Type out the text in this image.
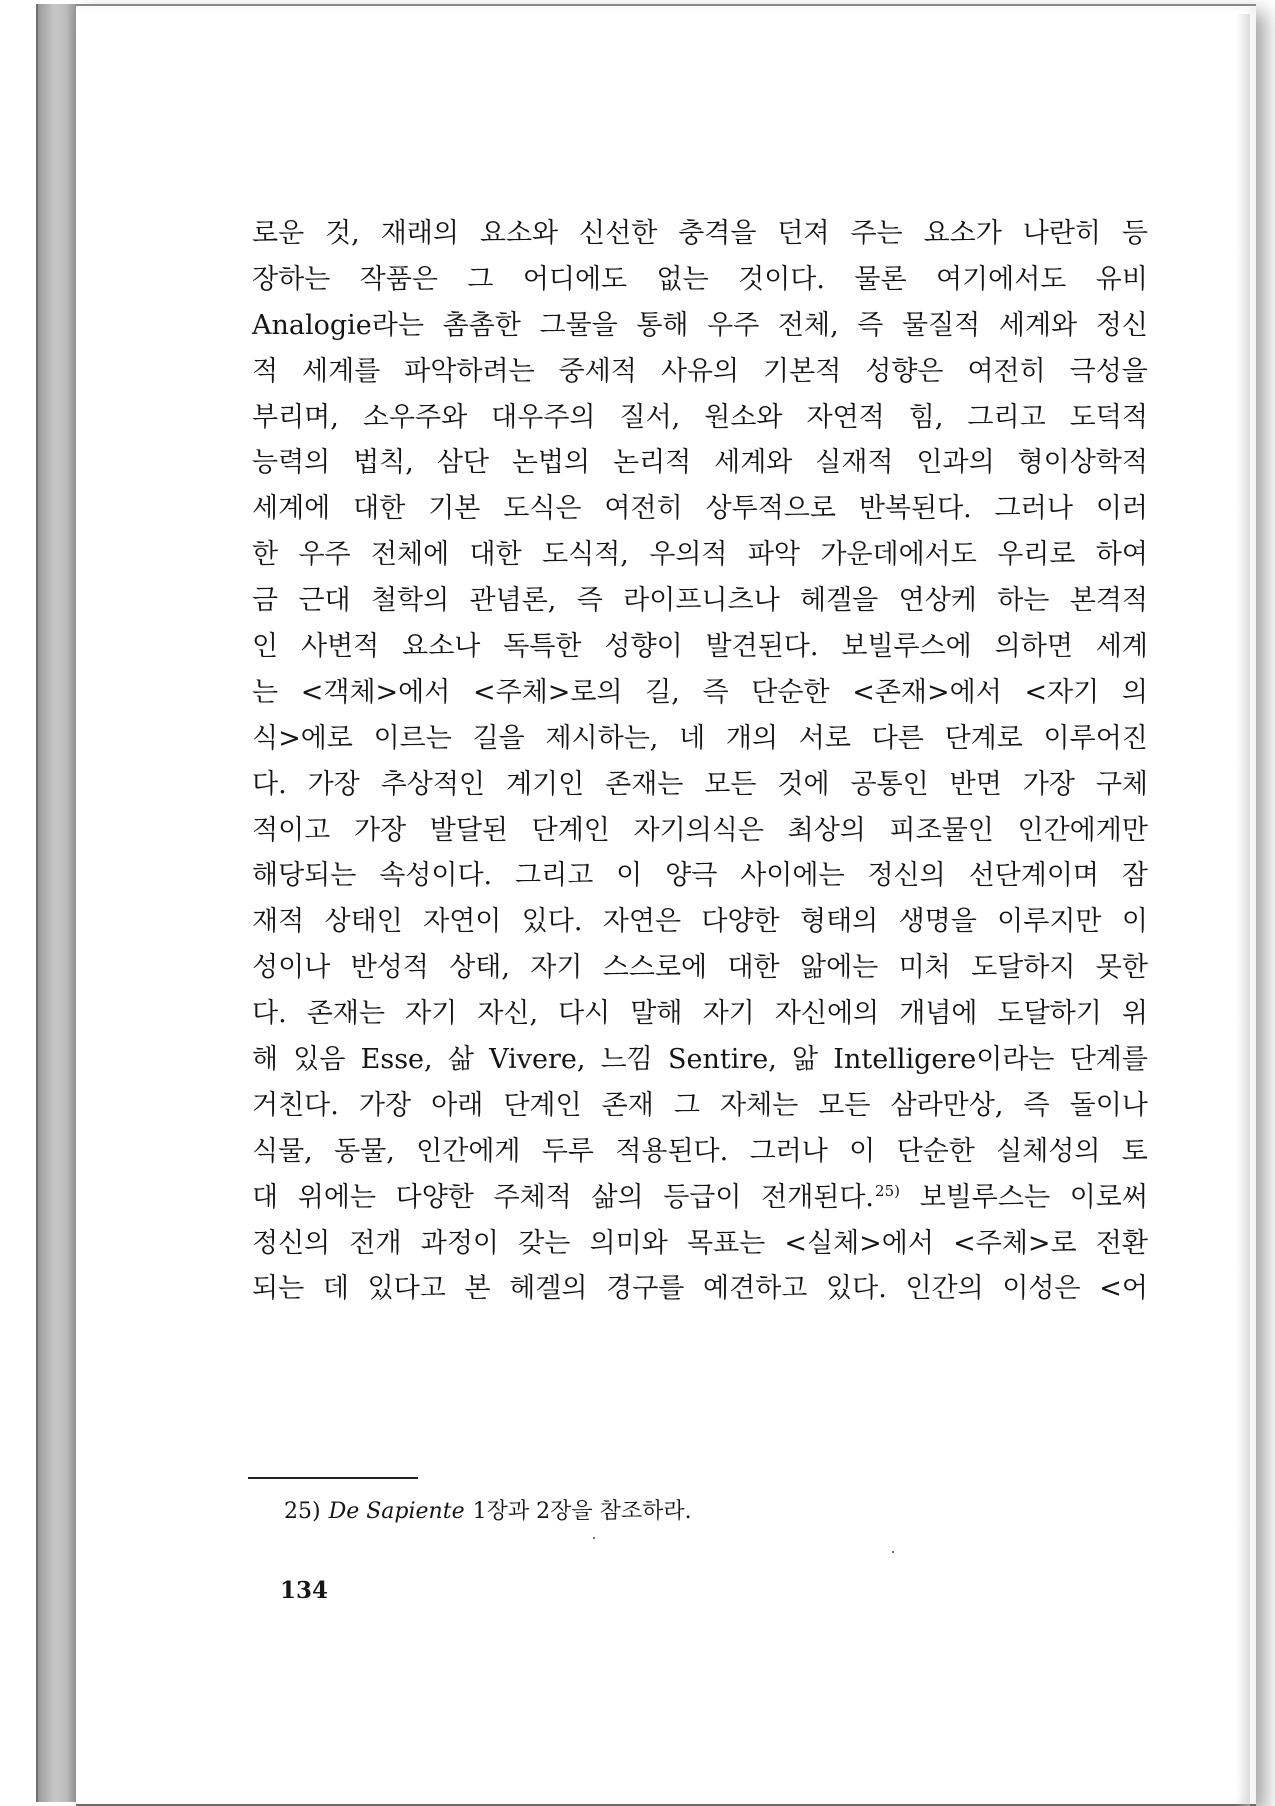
로운 것, 재래의 요소와 신선한 충격을 던져 주는 요소가 나란히 등
장하는 작품은 그 어디에도 없는 것이다. 물론 여기에서도 유비
Analogie라는 촘촘한 그물을 통해 우주 전체, 즉 물질적 세계와 정신
적 세계를 파악하려는 중세적 사유의 기본적 성향은 여전히 극성을
부리며, 소우주와 대우주의 질서, 원소와 자연적 힘, 그리고 도덕적
능력의 법칙, 삼단 논법의 논리적 세계와 실재적 인과의 형이상학적
세계에 대한 기본 도식은 여전히 상투적으로 반복된다. 그러나 이러
한 우주 전체에 대한 도식적, 우의적 파악 가운데에서도 우리로 하여
금 근대 철학의 관념론, 즉 라이프니츠나 헤겔을 연상케 하는 본격적
인 사변적 요소나 독특한 성향이 발견된다. 보빌루스에 의하면 세계
는 <객체>에서 <주체>로의 길, 즉 단순한 <존재>에서 <자기 의
식>에로 이르는 길을 제시하는, 네 개의 서로 다른 단계로 이루어진
다. 가장 추상적인 계기인 존재는 모든 것에 공통인 반면 가장 구체
적이고 가장 발달된 단계인 자기의식은 최상의 피조물인 인간에게만
해당되는 속성이다. 그리고 이 양극 사이에는 정신의 선단계이며 잠
재적 상태인 자연이 있다. 자연은 다양한 형태의 생명을 이루지만 이
성이나 반성적 상태, 자기 스스로에 대한 앎에는 미처 도달하지 못한
다. 존재는 자기 자신, 다시 말해 자기 자신에의 개념에 도달하기 위
해 있음 Esse, 삶 Vivere, 느낌 Sentire, 앎 Intelligere이라는 단계를
거친다. 가장 아래 단계인 존재 그 자체는 모든 삼라만상, 즉 돌이나
식물, 동물, 인간에게 두루 적용된다. 그러나 이 단순한 실체성의 토
대 위에는 다양한 주체적 삶의 등급이 전개된다.$^{25)}$ 보빌루스는 이로써
정신의 전개 과정이 갖는 의미와 목표는 <실체>에서 <주체>로 전환
되는 데 있다고 본 헤겔의 경구를 예견하고 있다. 인간의 이성은 <어
25) De Sapiente 1장과 2장을 참조하라.
134
